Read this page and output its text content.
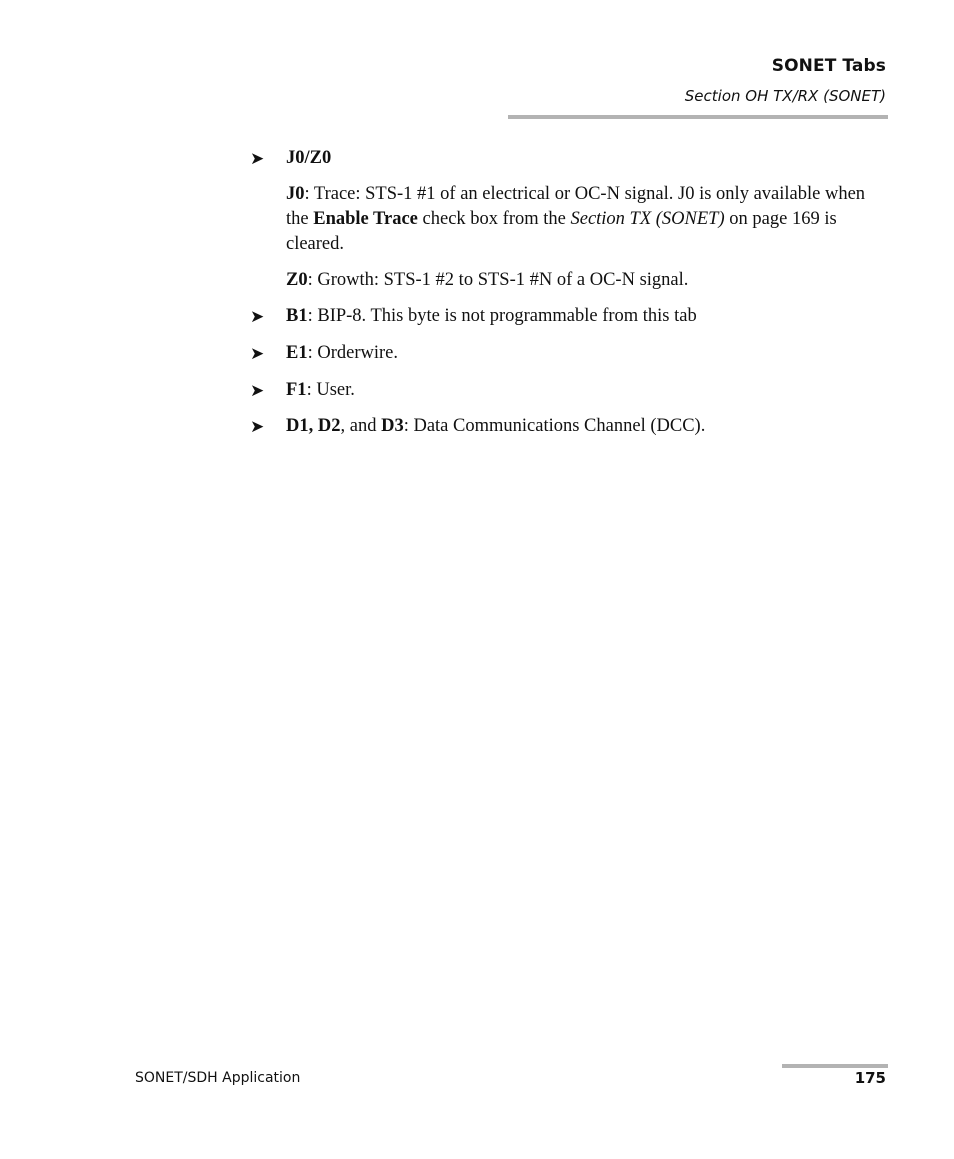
SONET Tabs
Section OH TX/RX (SONET)
➤	J0/Z0

J0: Trace: STS-1 #1 of an electrical or OC-N signal. J0 is only available when the Enable Trace check box from the Section TX (SONET) on page 169 is cleared.

Z0: Growth: STS-1 #2 to STS-1 #N of a OC-N signal.

➤	B1: BIP-8. This byte is not programmable from this tab
➤	E1: Orderwire.
➤	F1: User.
➤	D1, D2, and D3: Data Communications Channel (DCC).
SONET/SDH Application	175
